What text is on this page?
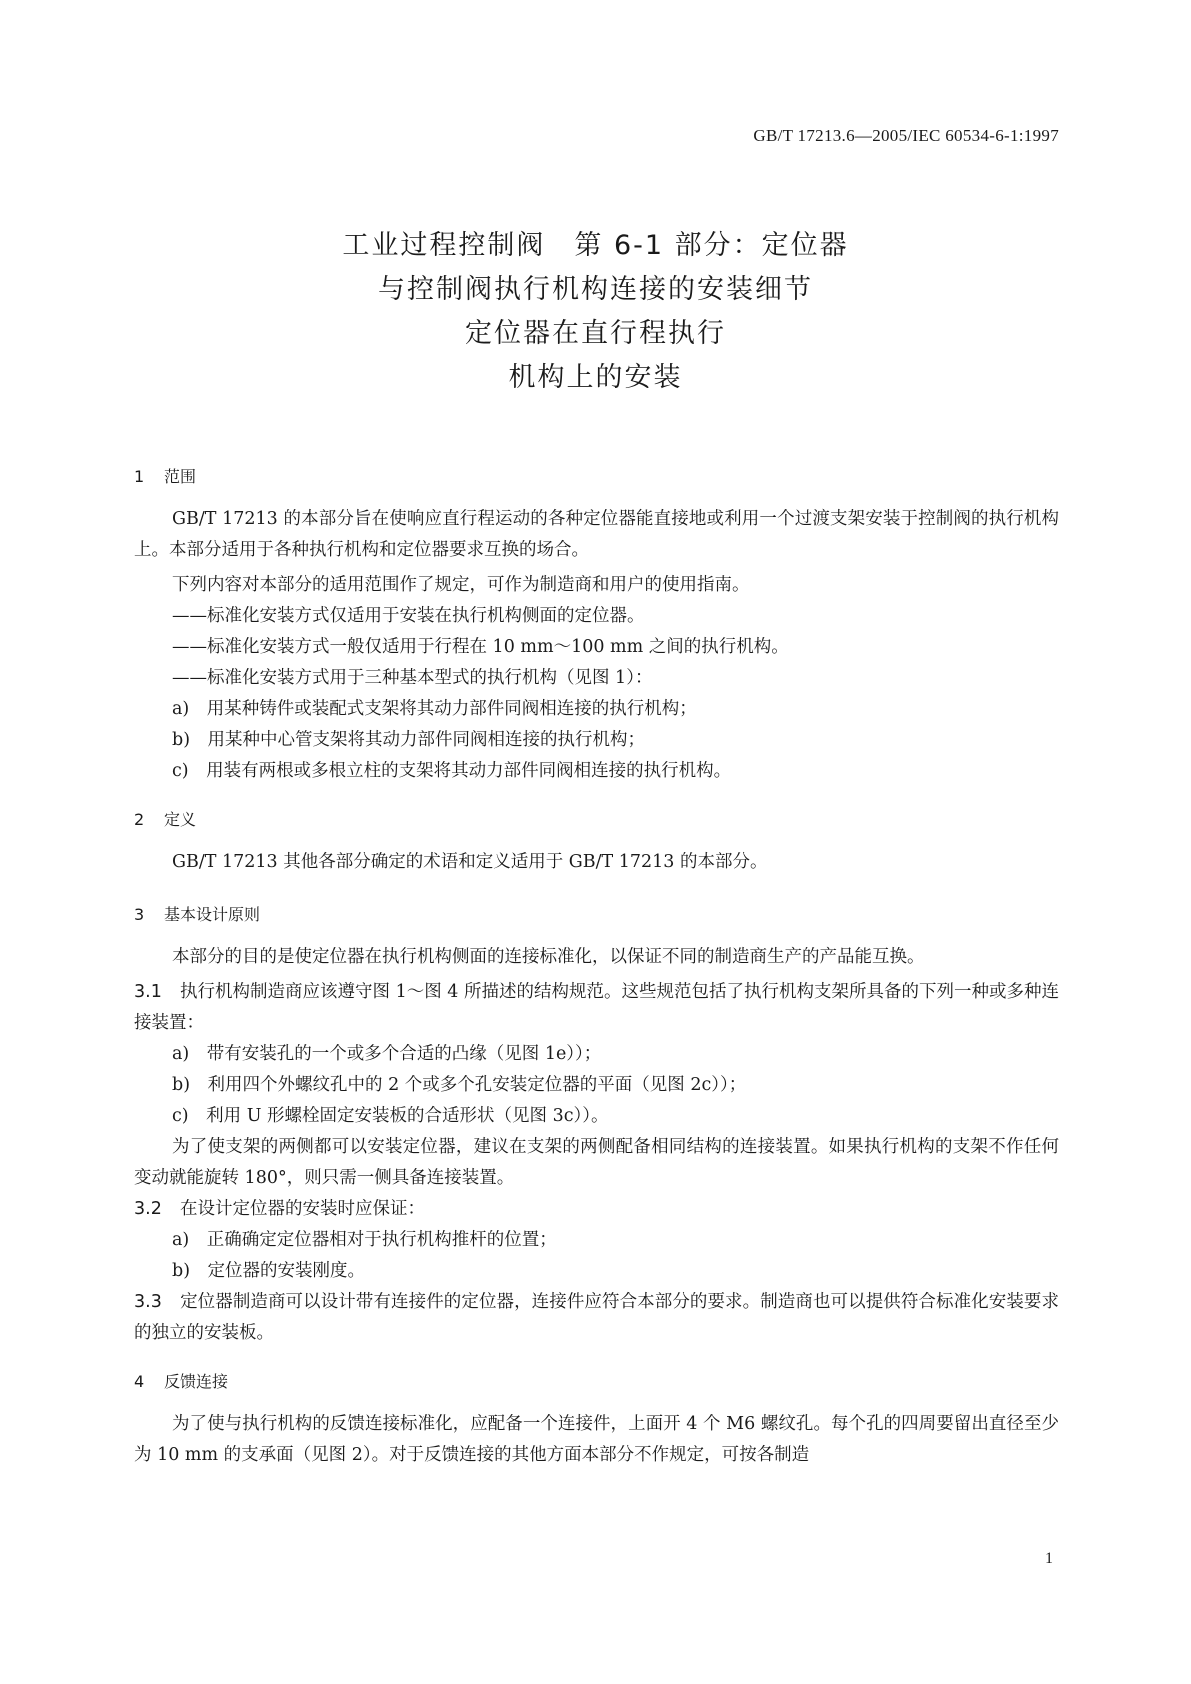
GB/T 17213.6—2005/IEC 60534-6-1:1997
工业过程控制阀　第 6-1 部分：定位器
与控制阀执行机构连接的安装细节
定位器在直行程执行
机构上的安装
1 范围
GB/T 17213 的本部分旨在使响应直行程运动的各种定位器能直接地或利用一个过渡支架安装于控制阀的执行机构上。本部分适用于各种执行机构和定位器要求互换的场合。
下列内容对本部分的适用范围作了规定，可作为制造商和用户的使用指南。
——标准化安装方式仅适用于安装在执行机构侧面的定位器。
——标准化安装方式一般仅适用于行程在 10 mm～100 mm 之间的执行机构。
——标准化安装方式用于三种基本型式的执行机构（见图 1）：
a)　用某种铸件或装配式支架将其动力部件同阀相连接的执行机构；
b)　用某种中心管支架将其动力部件同阀相连接的执行机构；
c)　用装有两根或多根立柱的支架将其动力部件同阀相连接的执行机构。
2 定义
GB/T 17213 其他各部分确定的术语和定义适用于 GB/T 17213 的本部分。
3 基本设计原则
本部分的目的是使定位器在执行机构侧面的连接标准化，以保证不同的制造商生产的产品能互换。
3.1 执行机构制造商应该遵守图 1～图 4 所描述的结构规范。这些规范包括了执行机构支架所具备的下列一种或多种连接装置：
a)　带有安装孔的一个或多个合适的凸缘（见图 1e））；
b)　利用四个外螺纹孔中的 2 个或多个孔安装定位器的平面（见图 2c））；
c)　利用 U 形螺栓固定安装板的合适形状（见图 3c））。
为了使支架的两侧都可以安装定位器，建议在支架的两侧配备相同结构的连接装置。如果执行机构的支架不作任何变动就能旋转 180°，则只需一侧具备连接装置。
3.2 在设计定位器的安装时应保证：
a)　正确确定定位器相对于执行机构推杆的位置；
b)　定位器的安装刚度。
3.3 定位器制造商可以设计带有连接件的定位器，连接件应符合本部分的要求。制造商也可以提供符合标准化安装要求的独立的安装板。
4 反馈连接
为了使与执行机构的反馈连接标准化，应配备一个连接件，上面开 4 个 M6 螺纹孔。每个孔的四周要留出直径至少为 10 mm 的支承面（见图 2）。对于反馈连接的其他方面本部分不作规定，可按各制造
1
